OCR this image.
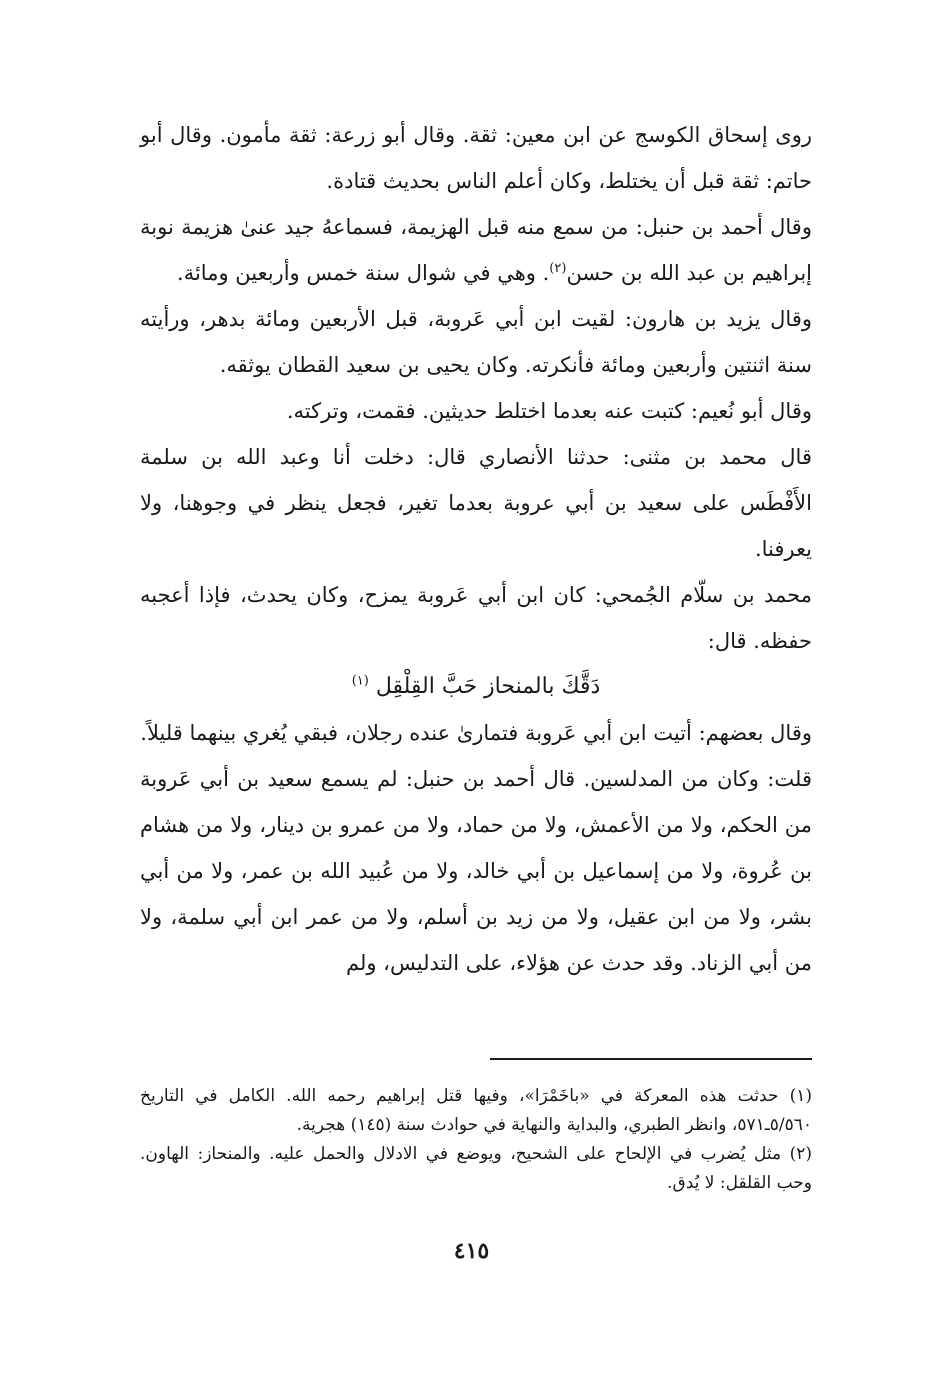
روى إسحاق الكوسج عن ابن معين: ثقة. وقال أبو زرعة: ثقة مأمون. وقال أبو حاتم: ثقة قبل أن يختلط، وكان أعلم الناس بحديث قتادة.

وقال أحمد بن حنبل: من سمع منه قبل الهزيمة، فسماعهُ جيد عنىٰ هزيمة نوبة إبراهيم بن عبد الله بن حسن$^{(٢)}$. وهي في شوال سنة خمس وأربعين ومائة.

وقال يزيد بن هارون: لقيت ابن أبي عَروبة، قبل الأربعين ومائة بدهر، ورأيته سنة اثنتين وأربعين ومائة فأنكرته. وكان يحيى بن سعيد القطان يوثقه.

وقال أبو نُعيم: كتبت عنه بعدما اختلط حديثين. فقمت، وتركته.

قال محمد بن مثنى: حدثنا الأنصاري قال: دخلت أنا وعبد الله بن سلمة الأَفْطَس على سعيد بن أبي عروبة بعدما تغير، فجعل ينظر في وجوهنا، ولا يعرفنا.

محمد بن سلّام الجُمحي: كان ابن أبي عَروبة يمزح، وكان يحدث، فإذا أعجبه حفظه. قال:

دَقَّكَ بالمنحاز حَبَّ القِلْقِل $^{(١)}$

وقال بعضهم: أتيت ابن أبي عَروبة فتمارىٰ عنده رجلان، فبقي يُغري بينهما قليلاً.

قلت: وكان من المدلسين. قال أحمد بن حنبل: لم يسمع سعيد بن أبي عَروبة من الحكم، ولا من الأعمش، ولا من حماد، ولا من عمرو بن دينار، ولا من هشام بن عُروة، ولا من إسماعيل بن أبي خالد، ولا من عُبيد الله بن عمر، ولا من أبي بشر، ولا من ابن عقيل، ولا من زيد بن أسلم، ولا من عمر ابن أبي سلمة، ولا من أبي الزناد. وقد حدث عن هؤلاء، على التدليس، ولم

(١) حدثت هذه المعركة في «باخَمْرَا»، وفيها قتل إبراهيم رحمه الله. الكامل في التاريخ ٥/٥٦٠ـ٥٧١، وانظر الطبري، والبداية والنهاية في حوادث سنة (١٤٥) هجرية.

(٢) مثل يُضرب في الإلحاح على الشحيح، ويوضع في الادلال والحمل عليه. والمنحاز: الهاون. وحب القلقل: لا يُدق.

٤١٥
